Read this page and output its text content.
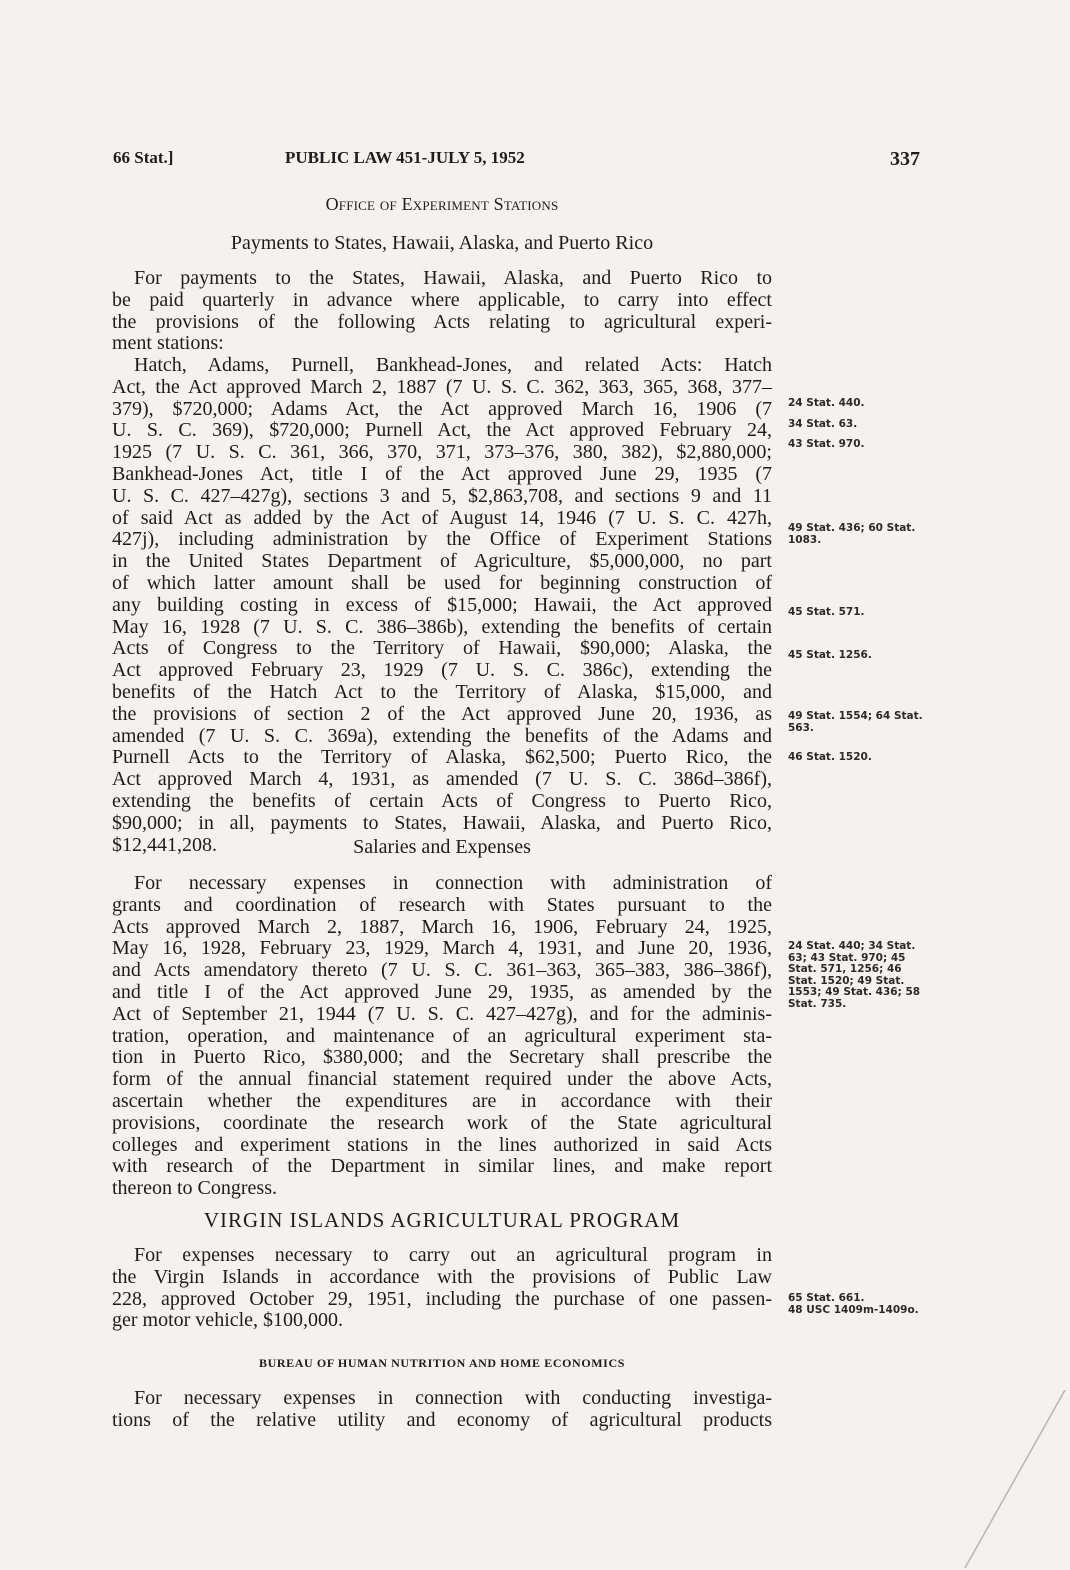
66 Stat.]	PUBLIC LAW 451-JULY 5, 1952	337
Office of Experiment Stations
Payments to States, Hawaii, Alaska, and Puerto Rico
For payments to the States, Hawaii, Alaska, and Puerto Rico to
be paid quarterly in advance where applicable, to carry into effect
the provisions of the following Acts relating to agricultural experi-
ment stations:
Hatch, Adams, Purnell, Bankhead-Jones, and related Acts: Hatch
Act, the Act approved March 2, 1887 (7 U. S. C. 362, 363, 365, 368, 377–
379), $720,000; Adams Act, the Act approved March 16, 1906 (7
U. S. C. 369), $720,000; Purnell Act, the Act approved February 24,
1925 (7 U. S. C. 361, 366, 370, 371, 373–376, 380, 382), $2,880,000;
Bankhead-Jones Act, title I of the Act approved June 29, 1935 (7
U. S. C. 427–427g), sections 3 and 5, $2,863,708, and sections 9 and 11
of said Act as added by the Act of August 14, 1946 (7 U. S. C. 427h,
427j), including administration by the Office of Experiment Stations
in the United States Department of Agriculture, $5,000,000, no part
of which latter amount shall be used for beginning construction of
any building costing in excess of $15,000; Hawaii, the Act approved
May 16, 1928 (7 U. S. C. 386–386b), extending the benefits of certain
Acts of Congress to the Territory of Hawaii, $90,000; Alaska, the
Act approved February 23, 1929 (7 U. S. C. 386c), extending the
benefits of the Hatch Act to the Territory of Alaska, $15,000, and
the provisions of section 2 of the Act approved June 20, 1936, as
amended (7 U. S. C. 369a), extending the benefits of the Adams and
Purnell Acts to the Territory of Alaska, $62,500; Puerto Rico, the
Act approved March 4, 1931, as amended (7 U. S. C. 386d–386f),
extending the benefits of certain Acts of Congress to Puerto Rico,
$90,000; in all, payments to States, Hawaii, Alaska, and Puerto Rico,
$12,441,208.	Salaries and Expenses
For necessary expenses in connection with administration of
grants and coordination of research with States pursuant to the
Acts approved March 2, 1887, March 16, 1906, February 24, 1925,
May 16, 1928, February 23, 1929, March 4, 1931, and June 20, 1936,
and Acts amendatory thereto (7 U. S. C. 361–363, 365–383, 386–386f),
and title I of the Act approved June 29, 1935, as amended by the
Act of September 21, 1944 (7 U. S. C. 427–427g), and for the adminis-
tration, operation, and maintenance of an agricultural experiment sta-
tion in Puerto Rico, $380,000; and the Secretary shall prescribe the
form of the annual financial statement required under the above Acts,
ascertain whether the expenditures are in accordance with their
provisions, coordinate the research work of the State agricultural
colleges and experiment stations in the lines authorized in said Acts
with research of the Department in similar lines, and make report
thereon to Congress.
VIRGIN ISLANDS AGRICULTURAL PROGRAM
For expenses necessary to carry out an agricultural program in
the Virgin Islands in accordance with the provisions of Public Law
228, approved October 29, 1951, including the purchase of one passen-
ger motor vehicle, $100,000.
BUREAU OF HUMAN NUTRITION AND HOME ECONOMICS
For necessary expenses in connection with conducting investiga-
tions of the relative utility and economy of agricultural products
24 Stat. 440.
34 Stat. 63.
43 Stat. 970.
49 Stat. 436; 60 Stat. 1083.
45 Stat. 571.
45 Stat. 1256.
49 Stat. 1554; 64 Stat. 563.
46 Stat. 1520.
24 Stat. 440; 34 Stat. 63; 43 Stat. 970; 45 Stat. 571, 1256; 46 Stat. 1520; 49 Stat. 1553; 49 Stat. 436; 58 Stat. 735.
65 Stat. 661.
48 USC 1409m-1409o.
